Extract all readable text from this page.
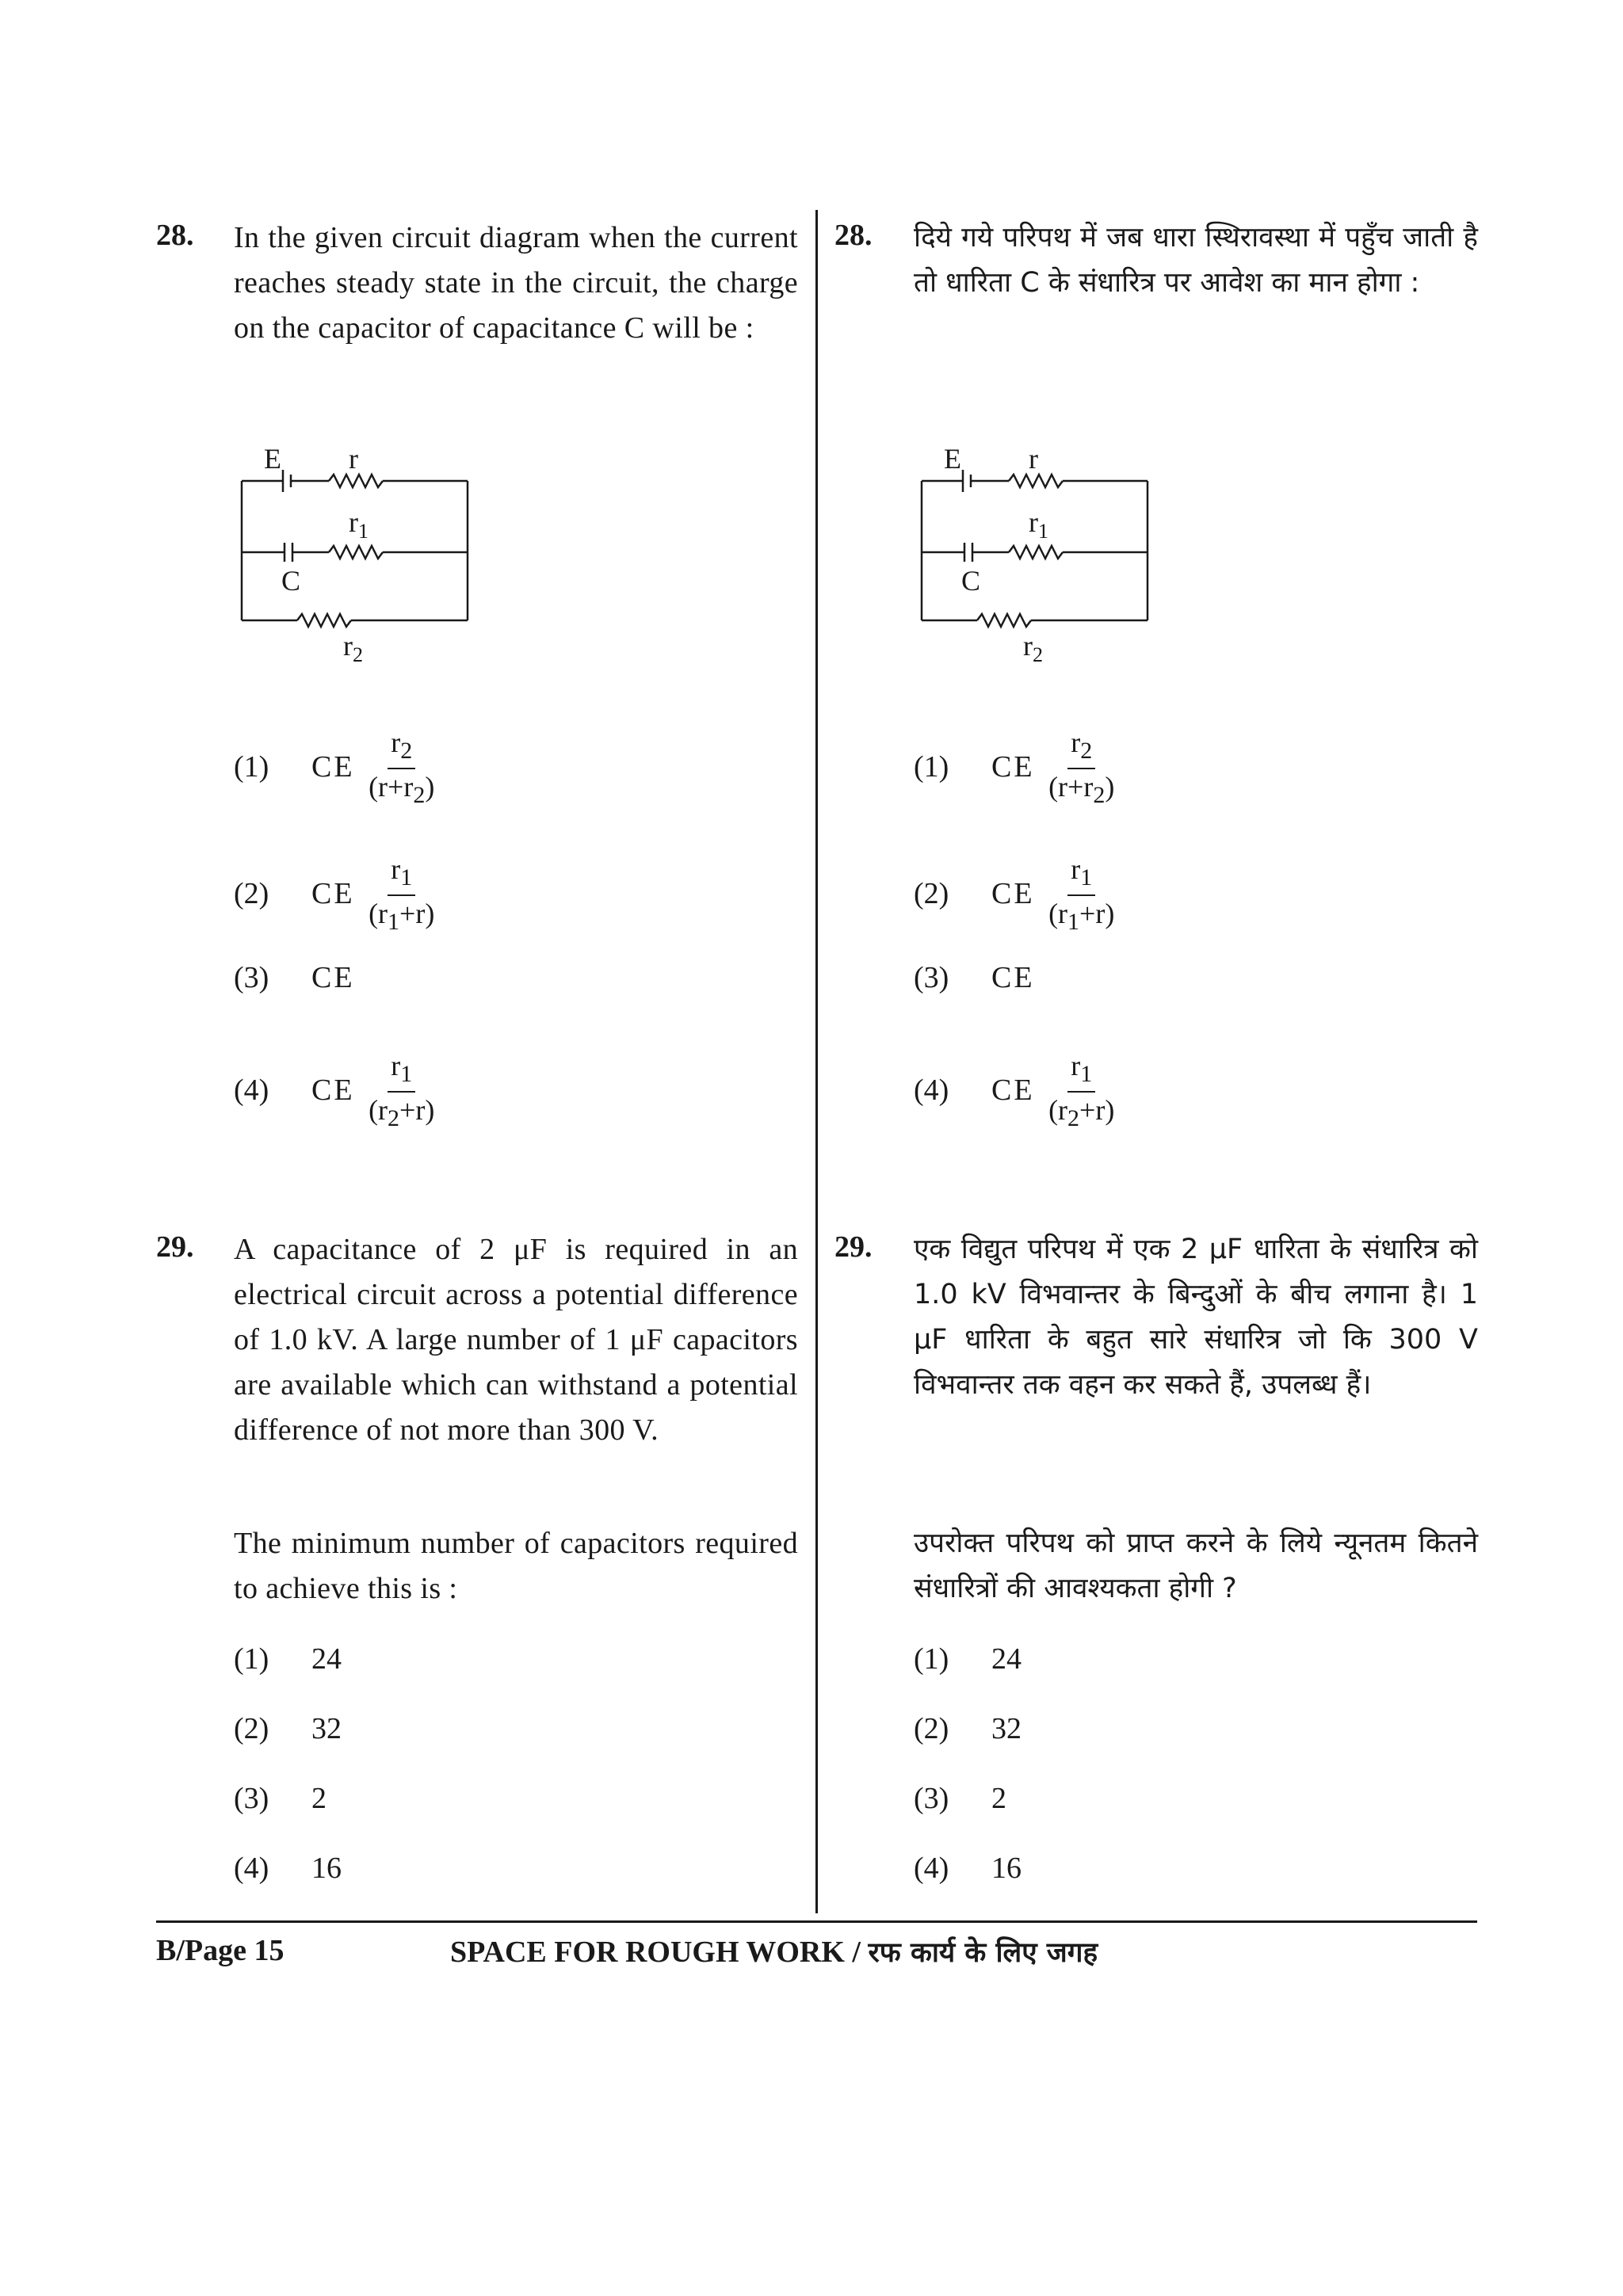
28. In the given circuit diagram when the current reaches steady state in the circuit, the charge on the capacitor of capacitance C will be :
E r
$r_1$
C
$r_2$
(1) CE $\frac{r_2}{(r+r_2)}$
(2) CE $\frac{r_1}{(r_1+r)}$
(3) CE
(4) CE $\frac{r_1}{(r_2+r)}$
28. दिये गये परिपथ में जब धारा स्थिरावस्था में पहुँच जाती है तो धारिता C के संधारित्र पर आवेश का मान होगा :
E r
$r_1$
C
$r_2$
(1) CE $\frac{r_2}{(r+r_2)}$
(2) CE $\frac{r_1}{(r_1+r)}$
(3) CE
(4) CE $\frac{r_1}{(r_2+r)}$
29. A capacitance of 2 μF is required in an electrical circuit across a potential difference of 1.0 kV. A large number of 1 μF capacitors are available which can withstand a potential difference of not more than 300 V.
The minimum number of capacitors required to achieve this is :
(1) 24
(2) 32
(3) 2
(4) 16
29. एक विद्युत परिपथ में एक 2 μF धारिता के संधारित्र को 1.0 kV विभवान्तर के बिन्दुओं के बीच लगाना है। 1 μF धारिता के बहुत सारे संधारित्र जो कि 300 V विभवान्तर तक वहन कर सकते हैं, उपलब्ध हैं।
उपरोक्त परिपथ को प्राप्त करने के लिये न्यूनतम कितने संधारित्रों की आवश्यकता होगी ?
(1) 24
(2) 32
(3) 2
(4) 16
B/Page 15	SPACE FOR ROUGH WORK / रफ कार्य के लिए जगह
